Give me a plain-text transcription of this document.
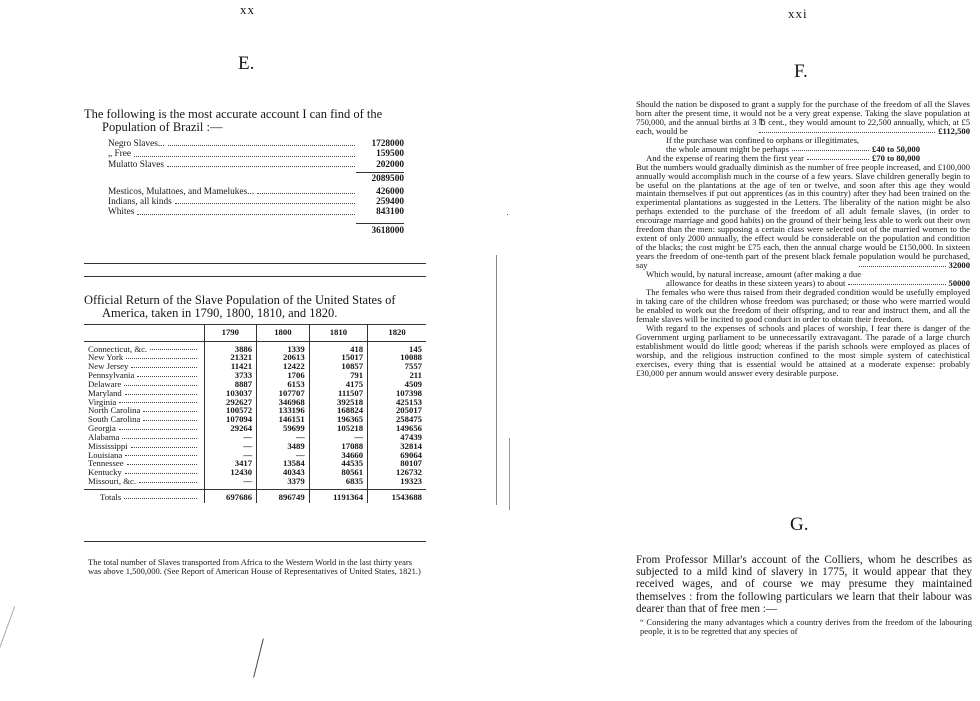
xx
E.
The following is the most accurate account I can find of the
Population of Brazil :—
Negro Slaves...	1728000
„ Free	159500
Mulatto Slaves	202000
2089500
Mesticos, Mulattoes, and Mamelukes...	426000
Indians, all kinds	259400
Whites	843100
3618000
Official Return of the Slave Population of the United States of
America, taken in 1790, 1800, 1810, and 1820.
	1790	1800	1810	1820

Connecticut, &c.	3886	1339	418	145

New York	21321	20613	15017	10088

New Jersey	11421	12422	10857	7557

Pennsylvania	3733	1706	791	211

Delaware	8887	6153	4175	4509

Maryland	103037	107707	111507	107398

Virginia	292627	346968	392518	425153

North Carolina	100572	133196	168824	205017

South Carolina	107094	146151	196365	258475

Georgia	29264	59699	105218	149656

Alabama	—	—	—	47439

Mississippi	—	3489	17088	32814

Louisiana	—	—	34660	69064

Tennessee	3417	13584	44535	80107

Kentucky	12430	40343	80561	126732

Missouri, &c.	—	3379	6835	19323

Totals	697686	896749	1191364	1543688
The total number of Slaves transported from Africa to the Western World in the last thirty years was above 1,500,000. (See Report of American House of Representatives of United States, 1821.)
xxi
F.

Should the nation be disposed to grant a supply for the purchase of the freedom of all the Slaves born after the present time, it would not be a very great expense. Taking the slave population at 750,000, and the annual births at 3 ℔ cent., they would amount to 22,500 annually, which, at £5 each, would be	£112,500
If the purchase was confined to orphans or illegitimates,
the whole amount might be perhaps	£40 to 50,000
And the expense of rearing them the first year	£70 to 80,000

But the numbers would gradually diminish as the number of free people increased, and £100,000 annually would accomplish much in the course of a few years. Slave children generally begin to be useful on the plantations at the age of ten or twelve, and soon after this age they would maintain themselves if put out apprentices (as in this country) after they had been trained on the experimental plantations as suggested in the Letters. The liberality of the nation might be also perhaps extended to the purchase of the freedom of all adult female slaves, (in order to encourage marriage and good habits) on the ground of their being less able to work out their own freedom than the men: supposing a certain class were selected out of the married women to the extent of only 2000 annually, the effect would be considerable on the population and condition of the blacks; the cost might be £75 each, then the annual charge would be £150,000. In sixteen years the freedom of one-tenth part of the present black female population would be purchased, say	32000
Which would, by natural increase, amount (after making a due
allowance for deaths in these sixteen years) to about	50000

The females who were thus raised from their degraded condition would be usefully employed in taking care of the children whose freedom was purchased; or those who were married would be enabled to work out the freedom of their offspring, and to rear and instruct them, and all the female slaves will be incited to good conduct in order to obtain their freedom.

With regard to the expenses of schools and places of worship, I fear there is danger of the Government urging parliament to be unnecessarily extravagant. The parade of a large church establishment would do little good; whereas if the parish schools were employed as places of worship, and the religious instruction confined to the most simple system of catechistical exercises, every thing that is essential would be attained at a moderate expense: probably £30,000 per annum would answer every desirable purpose.

G.

From Professor Millar's account of the Colliers, whom he describes as subjected to a mild kind of slavery in 1775, it would appear that they received wages, and of course we may presume they maintained themselves : from the following particulars we learn that their labour was dearer than that of free men :—

“ Considering the many advantages which a country derives from the freedom of the labouring people, it is to be regretted that any species of
